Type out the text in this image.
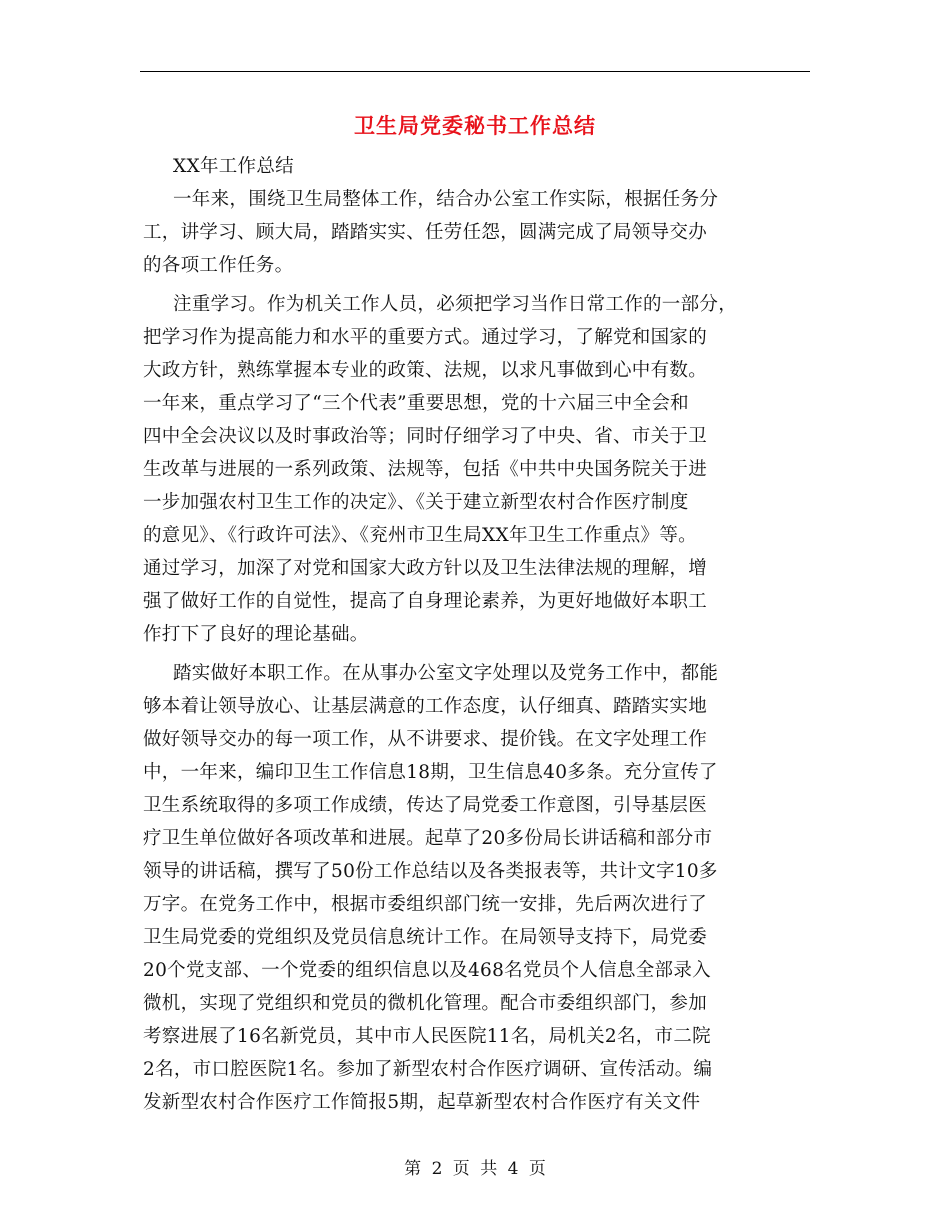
卫生局党委秘书工作总结
XX年工作总结
一年来，围绕卫生局整体工作，结合办公室工作实际，根据任务分
工，讲学习、顾大局，踏踏实实、任劳任怨，圆满完成了局领导交办
的各项工作任务。
注重学习。作为机关工作人员，必须把学习当作日常工作的一部分，
把学习作为提高能力和水平的重要方式。通过学习，了解党和国家的
大政方针，熟练掌握本专业的政策、法规，以求凡事做到心中有数。
一年来，重点学习了“三个代表”重要思想，党的十六届三中全会和
四中全会决议以及时事政治等；同时仔细学习了中央、省、市关于卫
生改革与进展的一系列政策、法规等，包括《中共中央国务院关于进
一步加强农村卫生工作的决定》、《关于建立新型农村合作医疗制度
的意见》、《行政许可法》、《兖州市卫生局XX年卫生工作重点》等。
通过学习，加深了对党和国家大政方针以及卫生法律法规的理解，增
强了做好工作的自觉性，提高了自身理论素养，为更好地做好本职工
作打下了良好的理论基础。
踏实做好本职工作。在从事办公室文字处理以及党务工作中，都能
够本着让领导放心、让基层满意的工作态度，认仔细真、踏踏实实地
做好领导交办的每一项工作，从不讲要求、提价钱。在文字处理工作
中，一年来，编印卫生工作信息18期，卫生信息40多条。充分宣传了
卫生系统取得的多项工作成绩，传达了局党委工作意图，引导基层医
疗卫生单位做好各项改革和进展。起草了20多份局长讲话稿和部分市
领导的讲话稿，撰写了50份工作总结以及各类报表等，共计文字10多
万字。在党务工作中，根据市委组织部门统一安排，先后两次进行了
卫生局党委的党组织及党员信息统计工作。在局领导支持下，局党委
20个党支部、一个党委的组织信息以及468名党员个人信息全部录入
微机，实现了党组织和党员的微机化管理。配合市委组织部门，参加
考察进展了16名新党员，其中市人民医院11名，局机关2名，市二院
2名，市口腔医院1名。参加了新型农村合作医疗调研、宣传活动。编
发新型农村合作医疗工作简报5期，起草新型农村合作医疗有关文件
第 2 页 共 4 页
